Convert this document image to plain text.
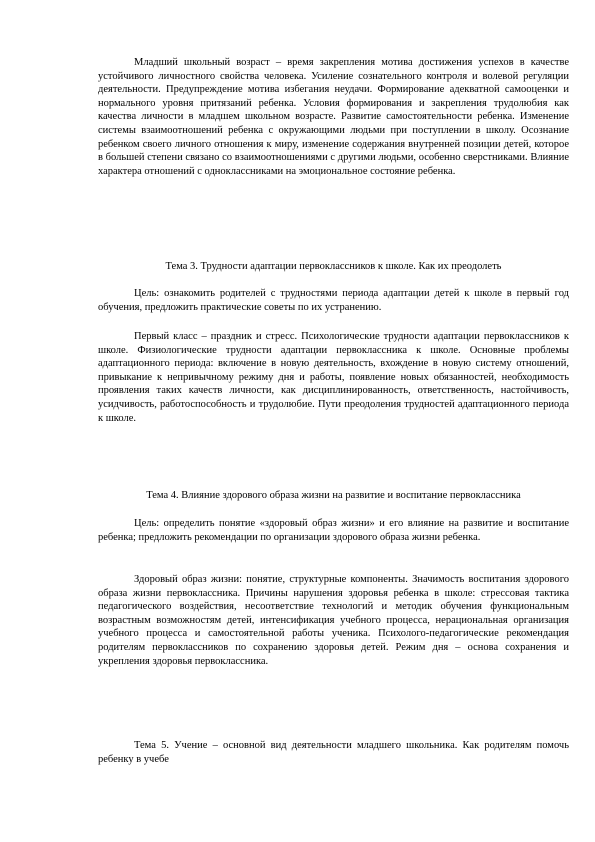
Младший школьный возраст – время закрепления мотива достижения успехов в качестве устойчивого личностного свойства человека. Усиление сознательного контроля и волевой регуляции деятельности. Предупреждение мотива избегания неудачи. Формирование адекватной самооценки и нормального уровня притязаний ребенка. Условия формирования и закрепления трудолюбия как качества личности в младшем школьном возрасте. Развитие самостоятельности ребенка. Изменение системы взаимоотношений ребенка с окружающими людьми при поступлении в школу. Осознание ребенком своего личного отношения к миру, изменение содержания внутренней позиции детей, которое в большей степени связано со взаимоотношениями с другими людьми, особенно сверстниками. Влияние характера отношений с одноклассниками на эмоциональное состояние ребенка.

Тема 3. Трудности адаптации первоклассников к школе. Как их преодолеть

Цель: ознакомить родителей с трудностями периода адаптации детей к школе в первый год обучения, предложить практические советы по их устранению.

Первый класс – праздник и стресс. Психологические трудности адаптации первоклассников к школе. Физиологические трудности адаптации первоклассника к школе. Основные проблемы адаптационного периода: включение в новую деятельность, вхождение в новую систему отношений, привыкание к непривычному режиму дня и работы, появление новых обязанностей, необходимость проявления таких качеств личности, как дисциплинированность, ответственность, настойчивость, усидчивость, работоспособность и трудолюбие. Пути преодоления трудностей адаптационного периода к школе.

Тема 4. Влияние здорового образа жизни на развитие и воспитание первоклассника

Цель: определить понятие «здоровый образ жизни» и его влияние на развитие и воспитание ребенка; предложить рекомендации по организации здорового образа жизни ребенка.

Здоровый образ жизни: понятие, структурные компоненты. Значимость воспитания здорового образа жизни первоклассника. Причины нарушения здоровья ребенка в школе: стрессовая тактика педагогического воздействия, несоответствие технологий и методик обучения функциональным возрастным возможностям детей, интенсификация учебного процесса, нерациональная организация учебного процесса и самостоятельной работы ученика. Психолого-педагогические рекомендация родителям первоклассников по сохранению здоровья детей. Режим дня – основа сохранения и укрепления здоровья первоклассника.

Тема 5. Учение – основной вид деятельности младшего школьника. Как родителям помочь ребенку в учебе
